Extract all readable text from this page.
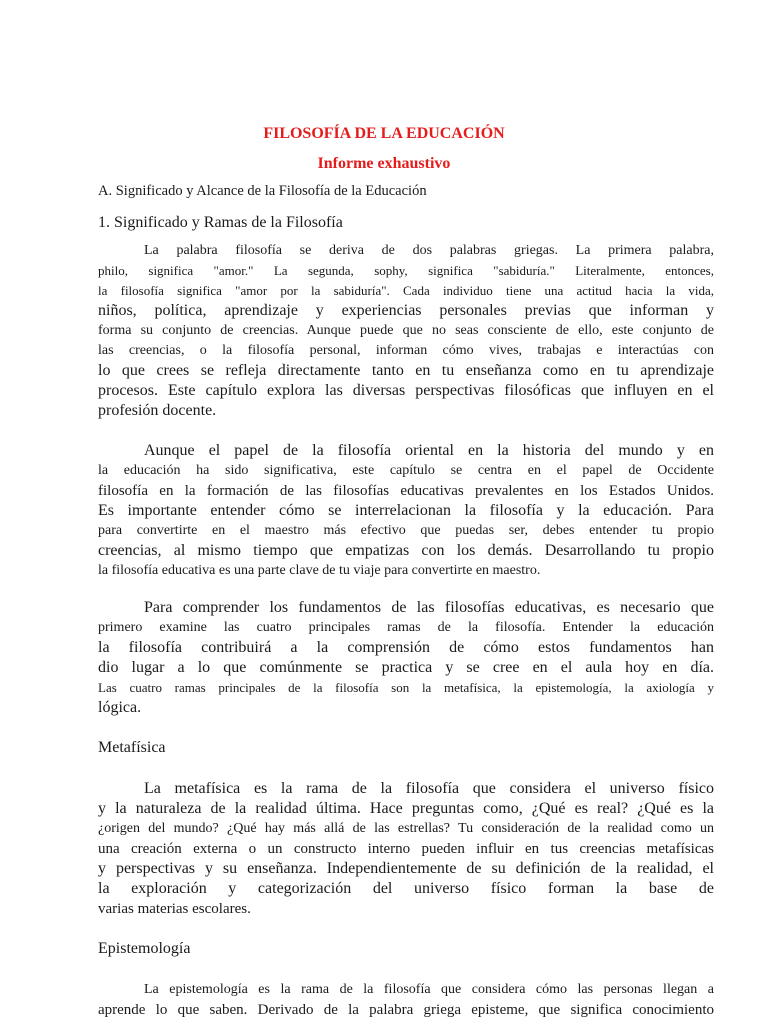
FILOSOFÍA DE LA EDUCACIÓN
Informe exhaustivo

A. Significado y Alcance de la Filosofía de la Educación

1. Significado y Ramas de la Filosofía
La palabra filosofía se deriva de dos palabras griegas. La primera palabra,
philo, significa "amor." La segunda, sophy, significa "sabiduría." Literalmente, entonces,
la filosofía significa "amor por la sabiduría". Cada individuo tiene una actitud hacia la vida,
niños, política, aprendizaje y experiencias personales previas que informan y
forma su conjunto de creencias. Aunque puede que no seas consciente de ello, este conjunto de
las creencias, o la filosofía personal, informan cómo vives, trabajas e interactúas con
lo que crees se refleja directamente tanto en tu enseñanza como en tu aprendizaje
procesos. Este capítulo explora las diversas perspectivas filosóficas que influyen en el
profesión docente.
Aunque el papel de la filosofía oriental en la historia del mundo y en
la educación ha sido significativa, este capítulo se centra en el papel de Occidente
filosofía en la formación de las filosofías educativas prevalentes en los Estados Unidos.
Es importante entender cómo se interrelacionan la filosofía y la educación. Para
para convertirte en el maestro más efectivo que puedas ser, debes entender tu propio
creencias, al mismo tiempo que empatizas con los demás. Desarrollando tu propio
la filosofía educativa es una parte clave de tu viaje para convertirte en maestro.
Para comprender los fundamentos de las filosofías educativas, es necesario que
primero examine las cuatro principales ramas de la filosofía. Entender la educación
la filosofía contribuirá a la comprensión de cómo estos fundamentos han
dio lugar a lo que comúnmente se practica y se cree en el aula hoy en día.
Las cuatro ramas principales de la filosofía son la metafísica, la epistemología, la axiología y
lógica.
Metafísica
La metafísica es la rama de la filosofía que considera el universo físico
y la naturaleza de la realidad última. Hace preguntas como, ¿Qué es real? ¿Qué es la
¿origen del mundo? ¿Qué hay más allá de las estrellas? Tu consideración de la realidad como un
una creación externa o un constructo interno pueden influir en tus creencias metafísicas
y perspectivas y su enseñanza. Independientemente de su definición de la realidad, el
la exploración y categorización del universo físico forman la base de
varias materias escolares.
Epistemología
La epistemología es la rama de la filosofía que considera cómo las personas llegan a
aprende lo que saben. Derivado de la palabra griega episteme, que significa conocimiento
